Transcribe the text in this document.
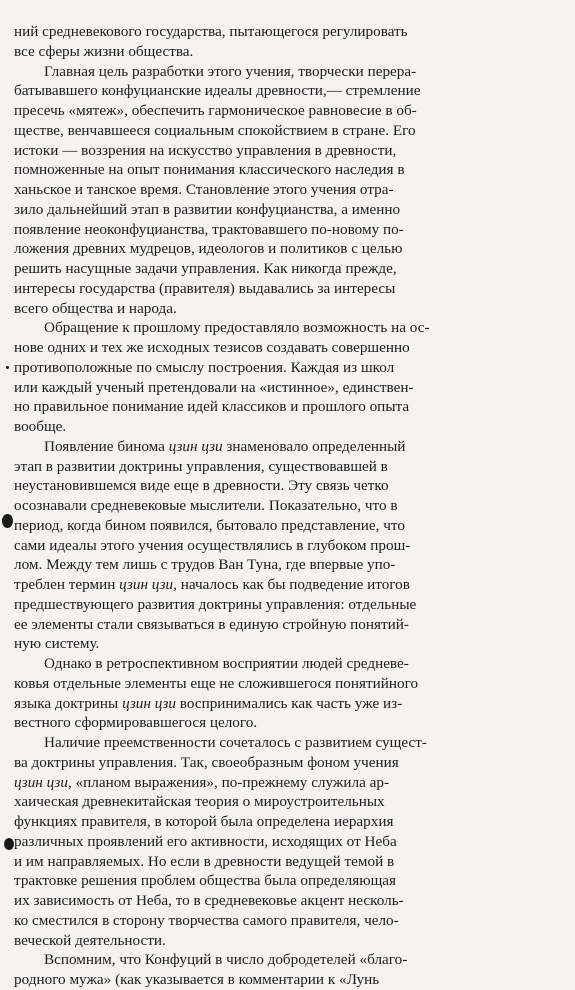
ний средневекового государства, пытающегося регулировать
все сферы жизни общества.
Главная цель разработки этого учения, творчески перера-
батывавшего конфуцианские идеалы древности,— стремление
пресечь «мятеж», обеспечить гармоническое равновесие в об-
ществе, венчавшееся социальным спокойствием в стране. Его
истоки — воззрения на искусство управления в древности,
помноженные на опыт понимания классического наследия в
ханьское и танское время. Становление этого учения отра-
зило дальнейший этап в развитии конфуцианства, а именно
появление неоконфуцианства, трактовавшего по-новому по-
ложения древних мудрецов, идеологов и политиков с целью
решить насущные задачи управления. Как никогда прежде,
интересы государства (правителя) выдавались за интересы
всего общества и народа.
Обращение к прошлому предоставляло возможность на ос-
нове одних и тех же исходных тезисов создавать совершенно
противоположные по смыслу построения. Каждая из школ
или каждый ученый претендовали на «истинное», единствен-
но правильное понимание идей классиков и прошлого опыта
вообще.
Появление бинома цзин цзи знаменовало определенный
этап в развитии доктрины управления, существовавшей в
неустановившемся виде еще в древности. Эту связь четко
осознавали средневековые мыслители. Показательно, что в
период, когда бином появился, бытовало представление, что
сами идеалы этого учения осуществлялись в глубоком прош-
лом. Между тем лишь с трудов Ван Туна, где впервые упо-
треблен термин цзин цзи, началось как бы подведение итогов
предшествующего развития доктрины управления: отдельные
ее элементы стали связываться в единую стройную понятий-
ную систему.
Однако в ретроспективном восприятии людей средневе-
ковья отдельные элементы еще не сложившегося понятийного
языка доктрины цзин цзи воспринимались как часть уже из-
вестного сформировавшегося целого.
Наличие преемственности сочеталось с развитием сущест-
ва доктрины управления. Так, своеобразным фоном учения
цзин цзи, «планом выражения», по-прежнему служила ар-
хаическая древнекитайская теория о мироустроительных
функциях правителя, в которой была определена иерархия
различных проявлений его активности, исходящих от Неба
и им направляемых. Но если в древности ведущей темой в
трактовке решения проблем общества была определяющая
их зависимость от Неба, то в средневековье акцент несколь-
ко сместился в сторону творчества самого правителя, чело-
веческой деятельности.
Вспомним, что Конфуций в число добродетелей «благо-
родного мужа» (как указывается в комментарии к «Лунь
